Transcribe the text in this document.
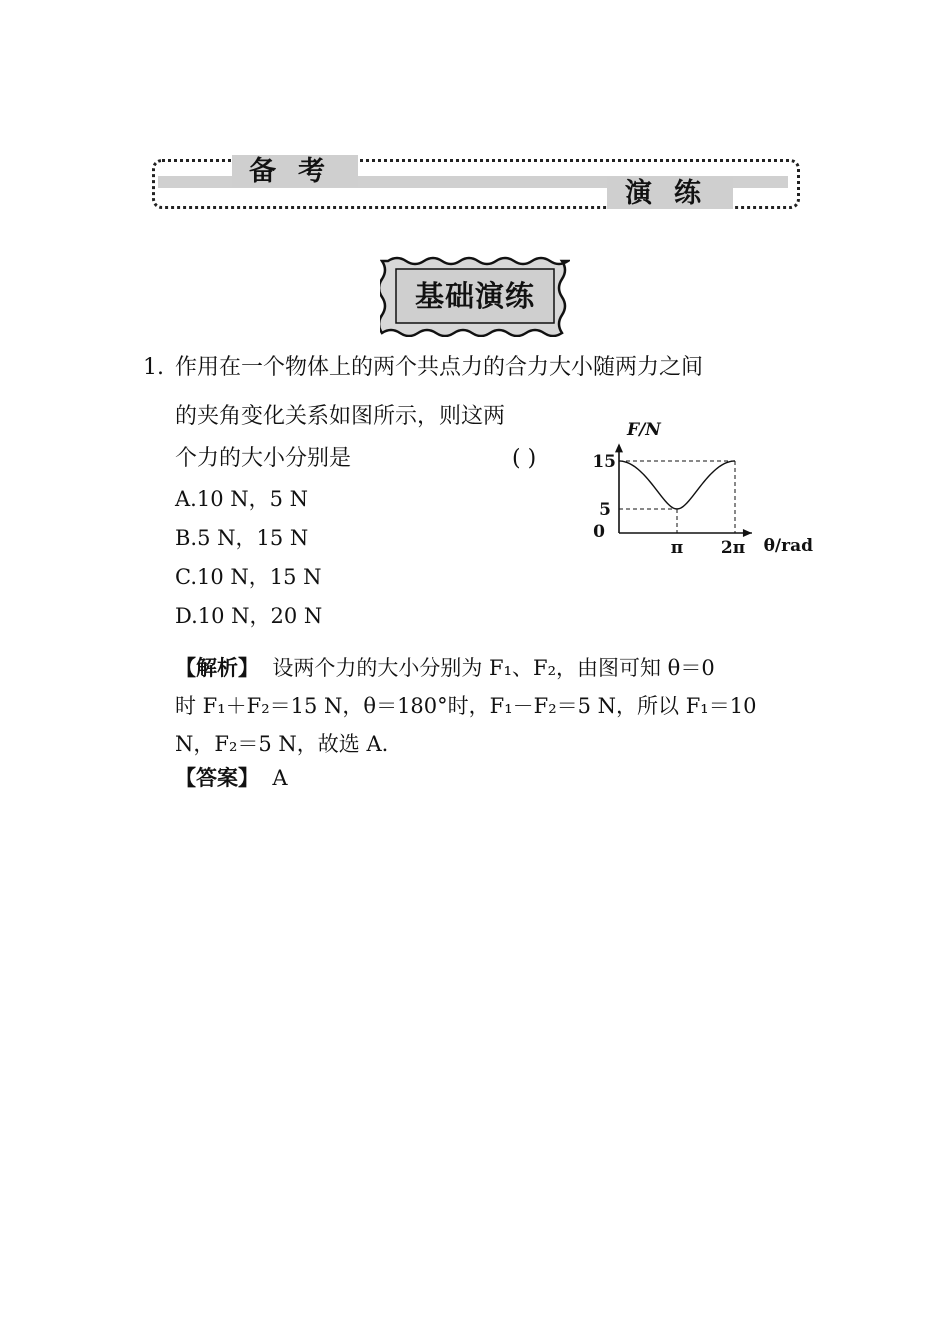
备考
演练
基础演练
1. 作用在一个物体上的两个共点力的合力大小随两力之间
的夹角变化关系如图所示，则这两
个力的大小分别是	( )
A.10 N，5 N
B.5 N，15 N
C.10 N，15 N
D.10 N，20 N
F/N
θ/rad
15
5
0
π 2π
【解析】 设两个力的大小分别为 F₁、F₂，由图可知 θ＝0
时 F₁＋F₂＝15 N，θ＝180°时，F₁－F₂＝5 N，所以 F₁＝10
N，F₂＝5 N，故选 A.
【答案】 A
